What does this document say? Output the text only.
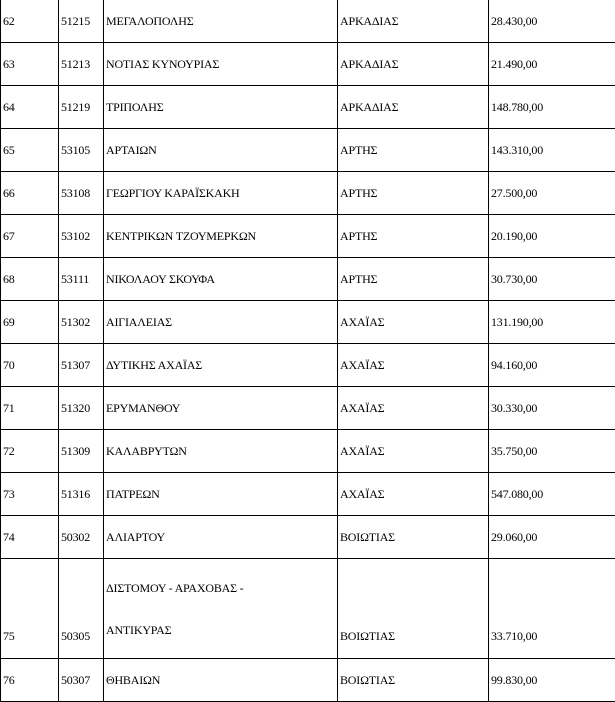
62	51215	ΜΕΓΑΛΟΠΟΛΗΣ	ΑΡΚΑΔΙΑΣ	28.430,00
63	51213	ΝΟΤΙΑΣ ΚΥΝΟΥΡΙΑΣ	ΑΡΚΑΔΙΑΣ	21.490,00
64	51219	ΤΡΙΠΟΛΗΣ	ΑΡΚΑΔΙΑΣ	148.780,00
65	53105	ΑΡΤΑΙΩΝ	ΑΡΤΗΣ	143.310,00
66	53108	ΓΕΩΡΓΙΟΥ ΚΑΡΑΪΣΚΑΚΗ	ΑΡΤΗΣ	27.500,00
67	53102	ΚΕΝΤΡΙΚΩΝ ΤΖΟΥΜΕΡΚΩΝ	ΑΡΤΗΣ	20.190,00
68	53111	ΝΙΚΟΛΑΟΥ ΣΚΟΥΦΑ	ΑΡΤΗΣ	30.730,00
69	51302	ΑΙΓΙΑΛΕΙΑΣ	ΑΧΑΪΑΣ	131.190,00
70	51307	ΔΥΤΙΚΗΣ ΑΧΑΪΑΣ	ΑΧΑΪΑΣ	94.160,00
71	51320	ΕΡΥΜΑΝΘΟΥ	ΑΧΑΪΑΣ	30.330,00
72	51309	ΚΑΛΑΒΡΥΤΩΝ	ΑΧΑΪΑΣ	35.750,00
73	51316	ΠΑΤΡΕΩΝ	ΑΧΑΪΑΣ	547.080,00
74	50302	ΑΛΙΑΡΤΟΥ	ΒΟΙΩΤΙΑΣ	29.060,00
75	50305	ΔΙΣΤΟΜΟΥ - ΑΡΑΧΟΒΑΣ - ΑΝΤΙΚΥΡΑΣ	ΒΟΙΩΤΙΑΣ	33.710,00
76	50307	ΘΗΒΑΙΩΝ	ΒΟΙΩΤΙΑΣ	99.830,00
